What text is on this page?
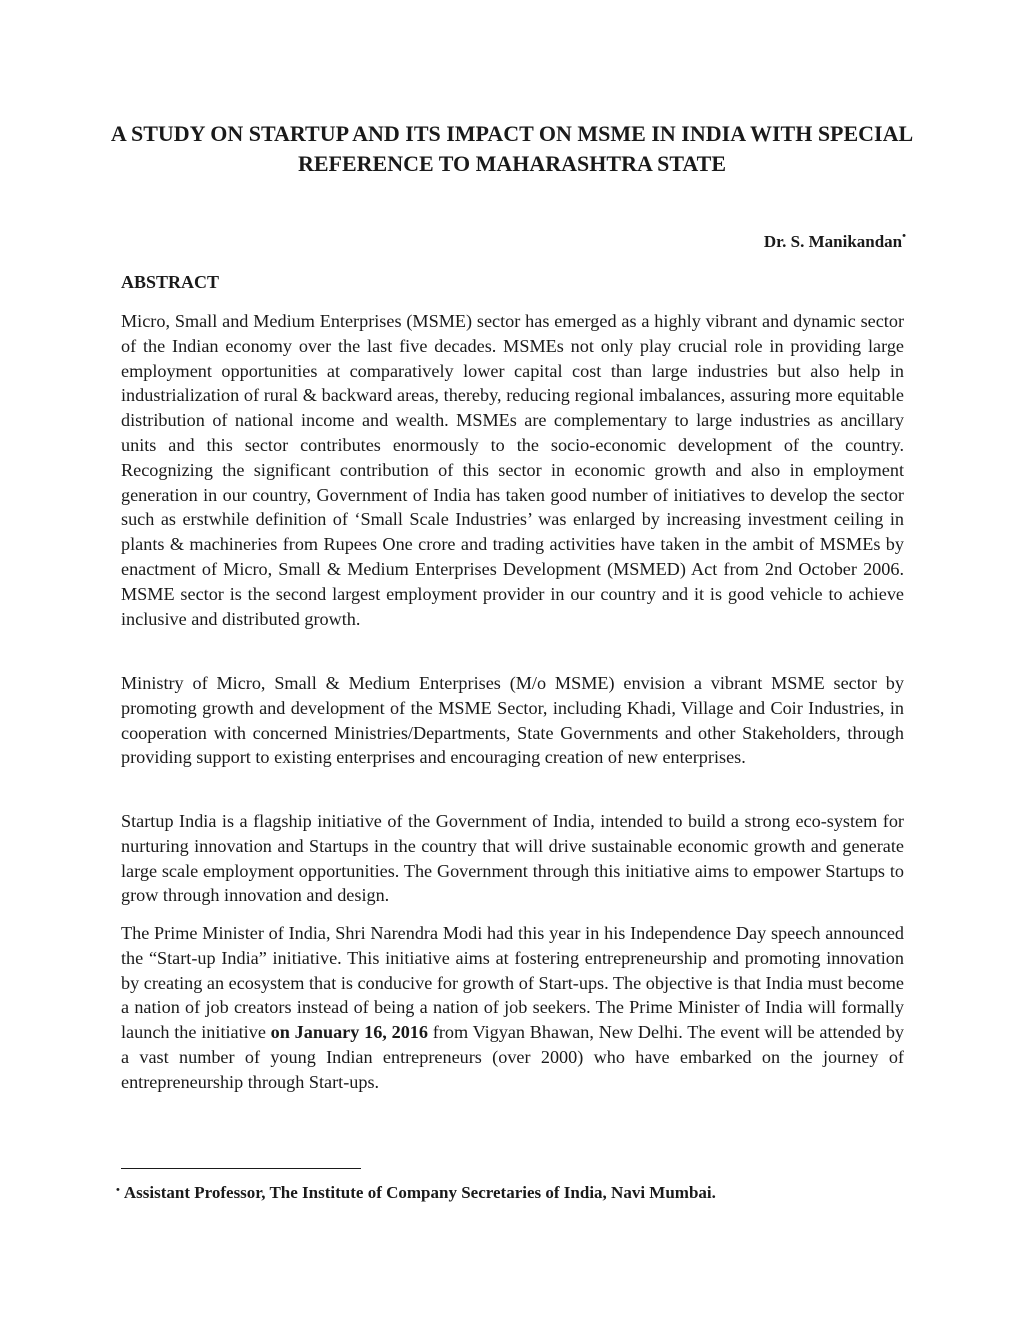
A STUDY ON STARTUP AND ITS IMPACT ON MSME IN INDIA WITH SPECIAL REFERENCE TO MAHARASHTRA STATE
Dr. S. Manikandan•
ABSTRACT

Micro, Small and Medium Enterprises (MSME) sector has emerged as a highly vibrant and dynamic sector of the Indian economy over the last five decades. MSMEs not only play crucial role in providing large employment opportunities at comparatively lower capital cost than large industries but also help in industrialization of rural & backward areas, thereby, reducing regional imbalances, assuring more equitable distribution of national income and wealth. MSMEs are complementary to large industries as ancillary units and this sector contributes enormously to the socio-economic development of the country. Recognizing the significant contribution of this sector in economic growth and also in employment generation in our country, Government of India has taken good number of initiatives to develop the sector such as erstwhile definition of ‘Small Scale Industries’ was enlarged by increasing investment ceiling in plants & machineries from Rupees One crore and trading activities have taken in the ambit of MSMEs by enactment of Micro, Small & Medium Enterprises Development (MSMED) Act from 2nd October 2006. MSME sector is the second largest employment provider in our country and it is good vehicle to achieve inclusive and distributed growth.

Ministry of Micro, Small & Medium Enterprises (M/o MSME) envision a vibrant MSME sector by promoting growth and development of the MSME Sector, including Khadi, Village and Coir Industries, in cooperation with concerned Ministries/Departments, State Governments and other Stakeholders, through providing support to existing enterprises and encouraging creation of new enterprises.

Startup India is a flagship initiative of the Government of India, intended to build a strong eco-system for nurturing innovation and Startups in the country that will drive sustainable economic growth and generate large scale employment opportunities. The Government through this initiative aims to empower Startups to grow through innovation and design.

The Prime Minister of India, Shri Narendra Modi had this year in his Independence Day speech announced the “Start-up India” initiative. This initiative aims at fostering entrepreneurship and promoting innovation by creating an ecosystem that is conducive for growth of Start-ups. The objective is that India must become a nation of job creators instead of being a nation of job seekers. The Prime Minister of India will formally launch the initiative on January 16, 2016 from Vigyan Bhawan, New Delhi. The event will be attended by a vast number of young Indian entrepreneurs (over 2000) who have embarked on the journey of entrepreneurship through Start-ups.

• Assistant Professor, The Institute of Company Secretaries of India, Navi Mumbai.
